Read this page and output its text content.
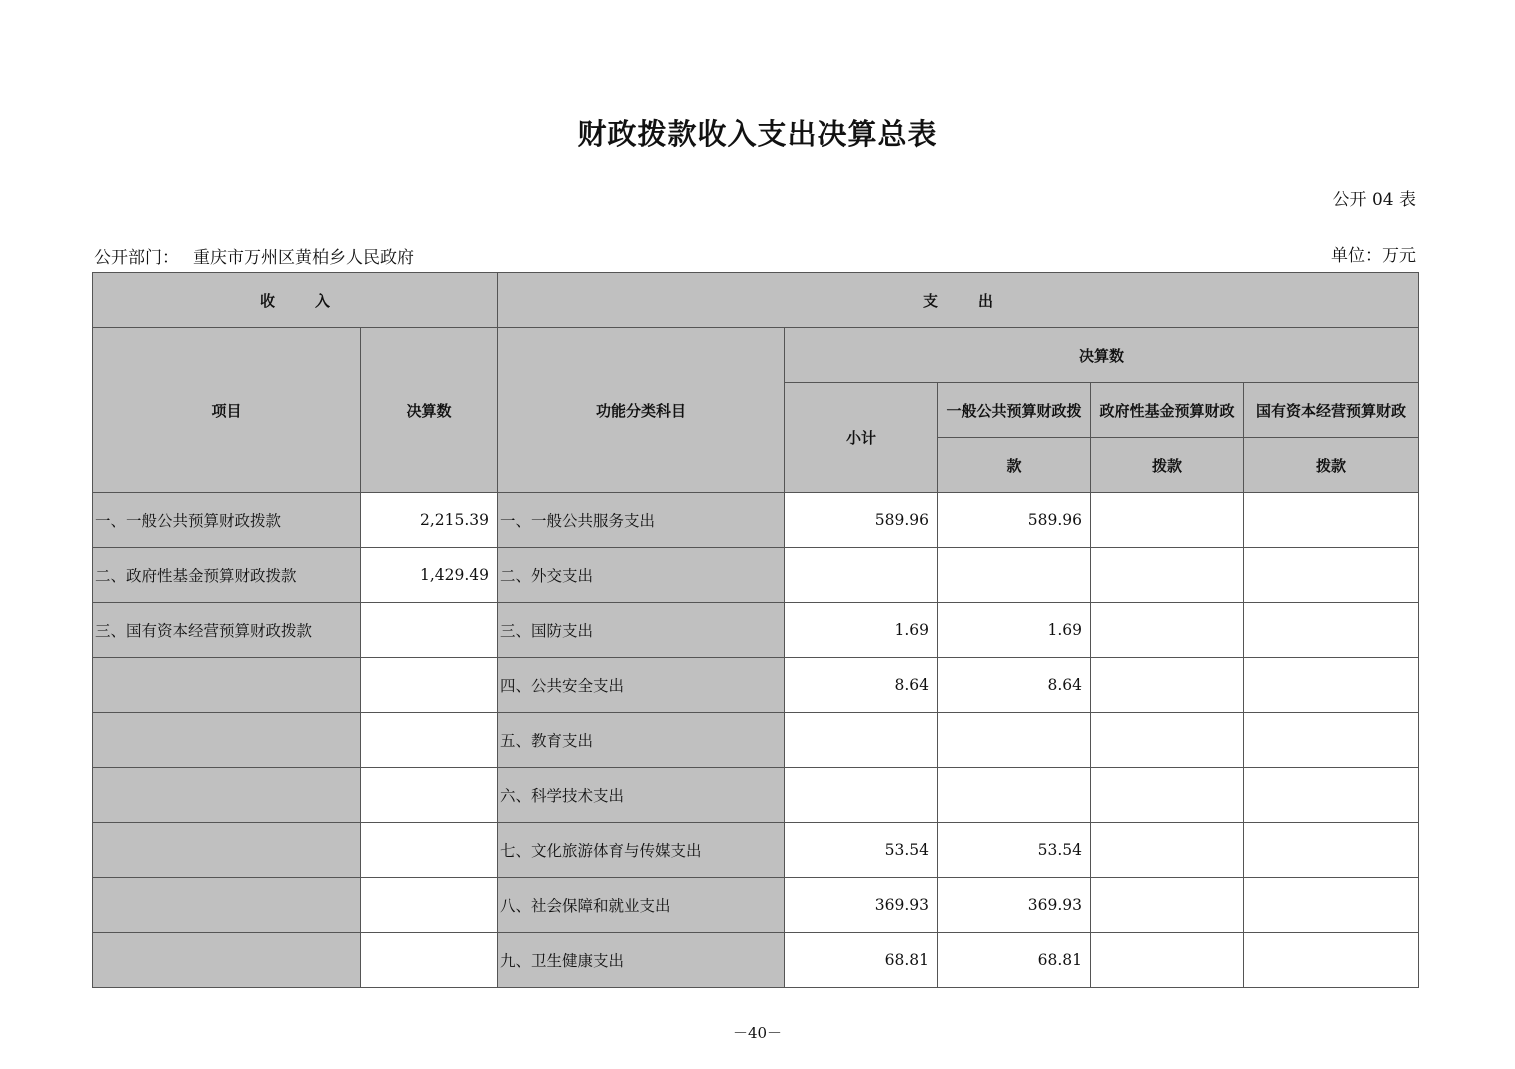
财政拨款收入支出决算总表
公开 04 表
公开部门： 重庆市万州区黄柏乡人民政府	单位：万元
收入		支出				
项目	决算数	功能分类科目	决算数			
			小计	一般公共预算财政拨	政府性基金预算财政	国有资本经营预算财政
				款	拨款	拨款
一、一般公共预算财政拨款	2,215.39	一、一般公共服务支出	589.96	589.96		
二、政府性基金预算财政拨款	1,429.49	二、外交支出				
三、国有资本经营预算财政拨款		三、国防支出	1.69	1.69		
		四、公共安全支出	8.64	8.64		
		五、教育支出				
		六、科学技术支出				
		七、文化旅游体育与传媒支出	53.54	53.54		
		八、社会保障和就业支出	369.93	369.93		
		九、卫生健康支出	68.81	68.81		
－40－
